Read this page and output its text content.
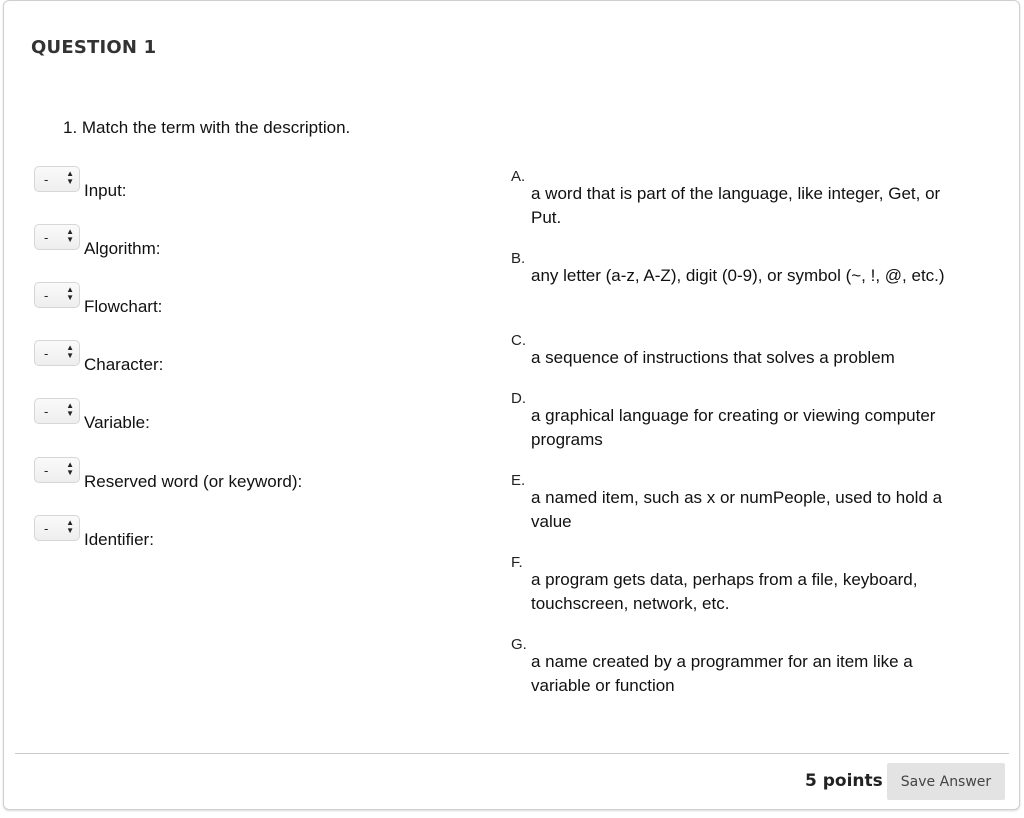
QUESTION 1
1. Match the term with the description.
- ▲
▼ Input:
- ▲
▼ Algorithm:
- ▲
▼ Flowchart:
- ▲
▼ Character:
- ▲
▼ Variable:
- ▲
▼ Reserved word (or keyword):
- ▲
▼ Identifier:
A.
a word that is part of the language, like integer, Get, or Put.
B.
any letter (a-z, A-Z), digit (0-9), or symbol (~, !, @, etc.)
C.
a sequence of instructions that solves a problem
D.
a graphical language for creating or viewing computer programs
E.
a named item, such as x or numPeople, used to hold a value
F.
a program gets data, perhaps from a file, keyboard, touchscreen, network, etc.
G.
a name created by a programmer for an item like a variable or function
5 points	Save Answer
